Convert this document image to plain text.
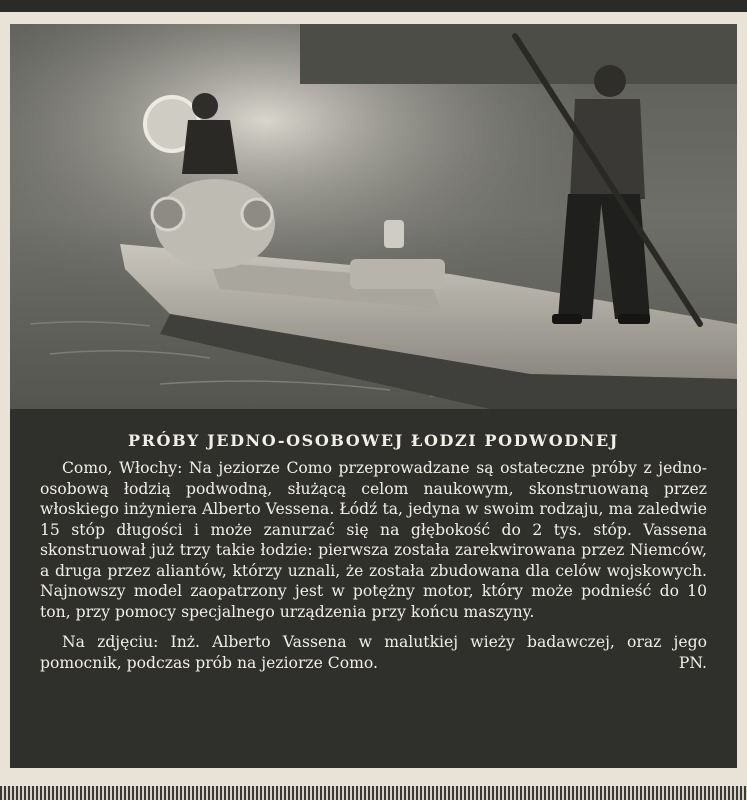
PRÓBY JEDNO-OSOBOWEJ ŁODZI PODWODNEJ

Como, Włochy: Na jeziorze Como przeprowadzane są ostateczne próby z jedno-osobową łodzią podwodną, służącą celom naukowym, skonstruowaną przez włoskiego inżyniera Alberto Vessena. Łódź ta, jedyna w swoim rodzaju, ma zaledwie 15 stóp długości i może zanurzać się na głębokość do 2 tys. stóp. Vassena skonstruował już trzy takie łodzie: pierwsza została zarekwirowana przez Niemców, a druga przez aliantów, którzy uznali, że została zbudowana dla celów wojskowych. Najnowszy model zaopatrzony jest w potężny motor, który może podnieść do 10 ton, przy pomocy specjalnego urządzenia przy końcu maszyny.

Na zdjęciu: Inż. Alberto Vassena w malutkiej wieży badawczej, oraz jego pomocnik, podczas prób na jeziorze Como.	PN.
